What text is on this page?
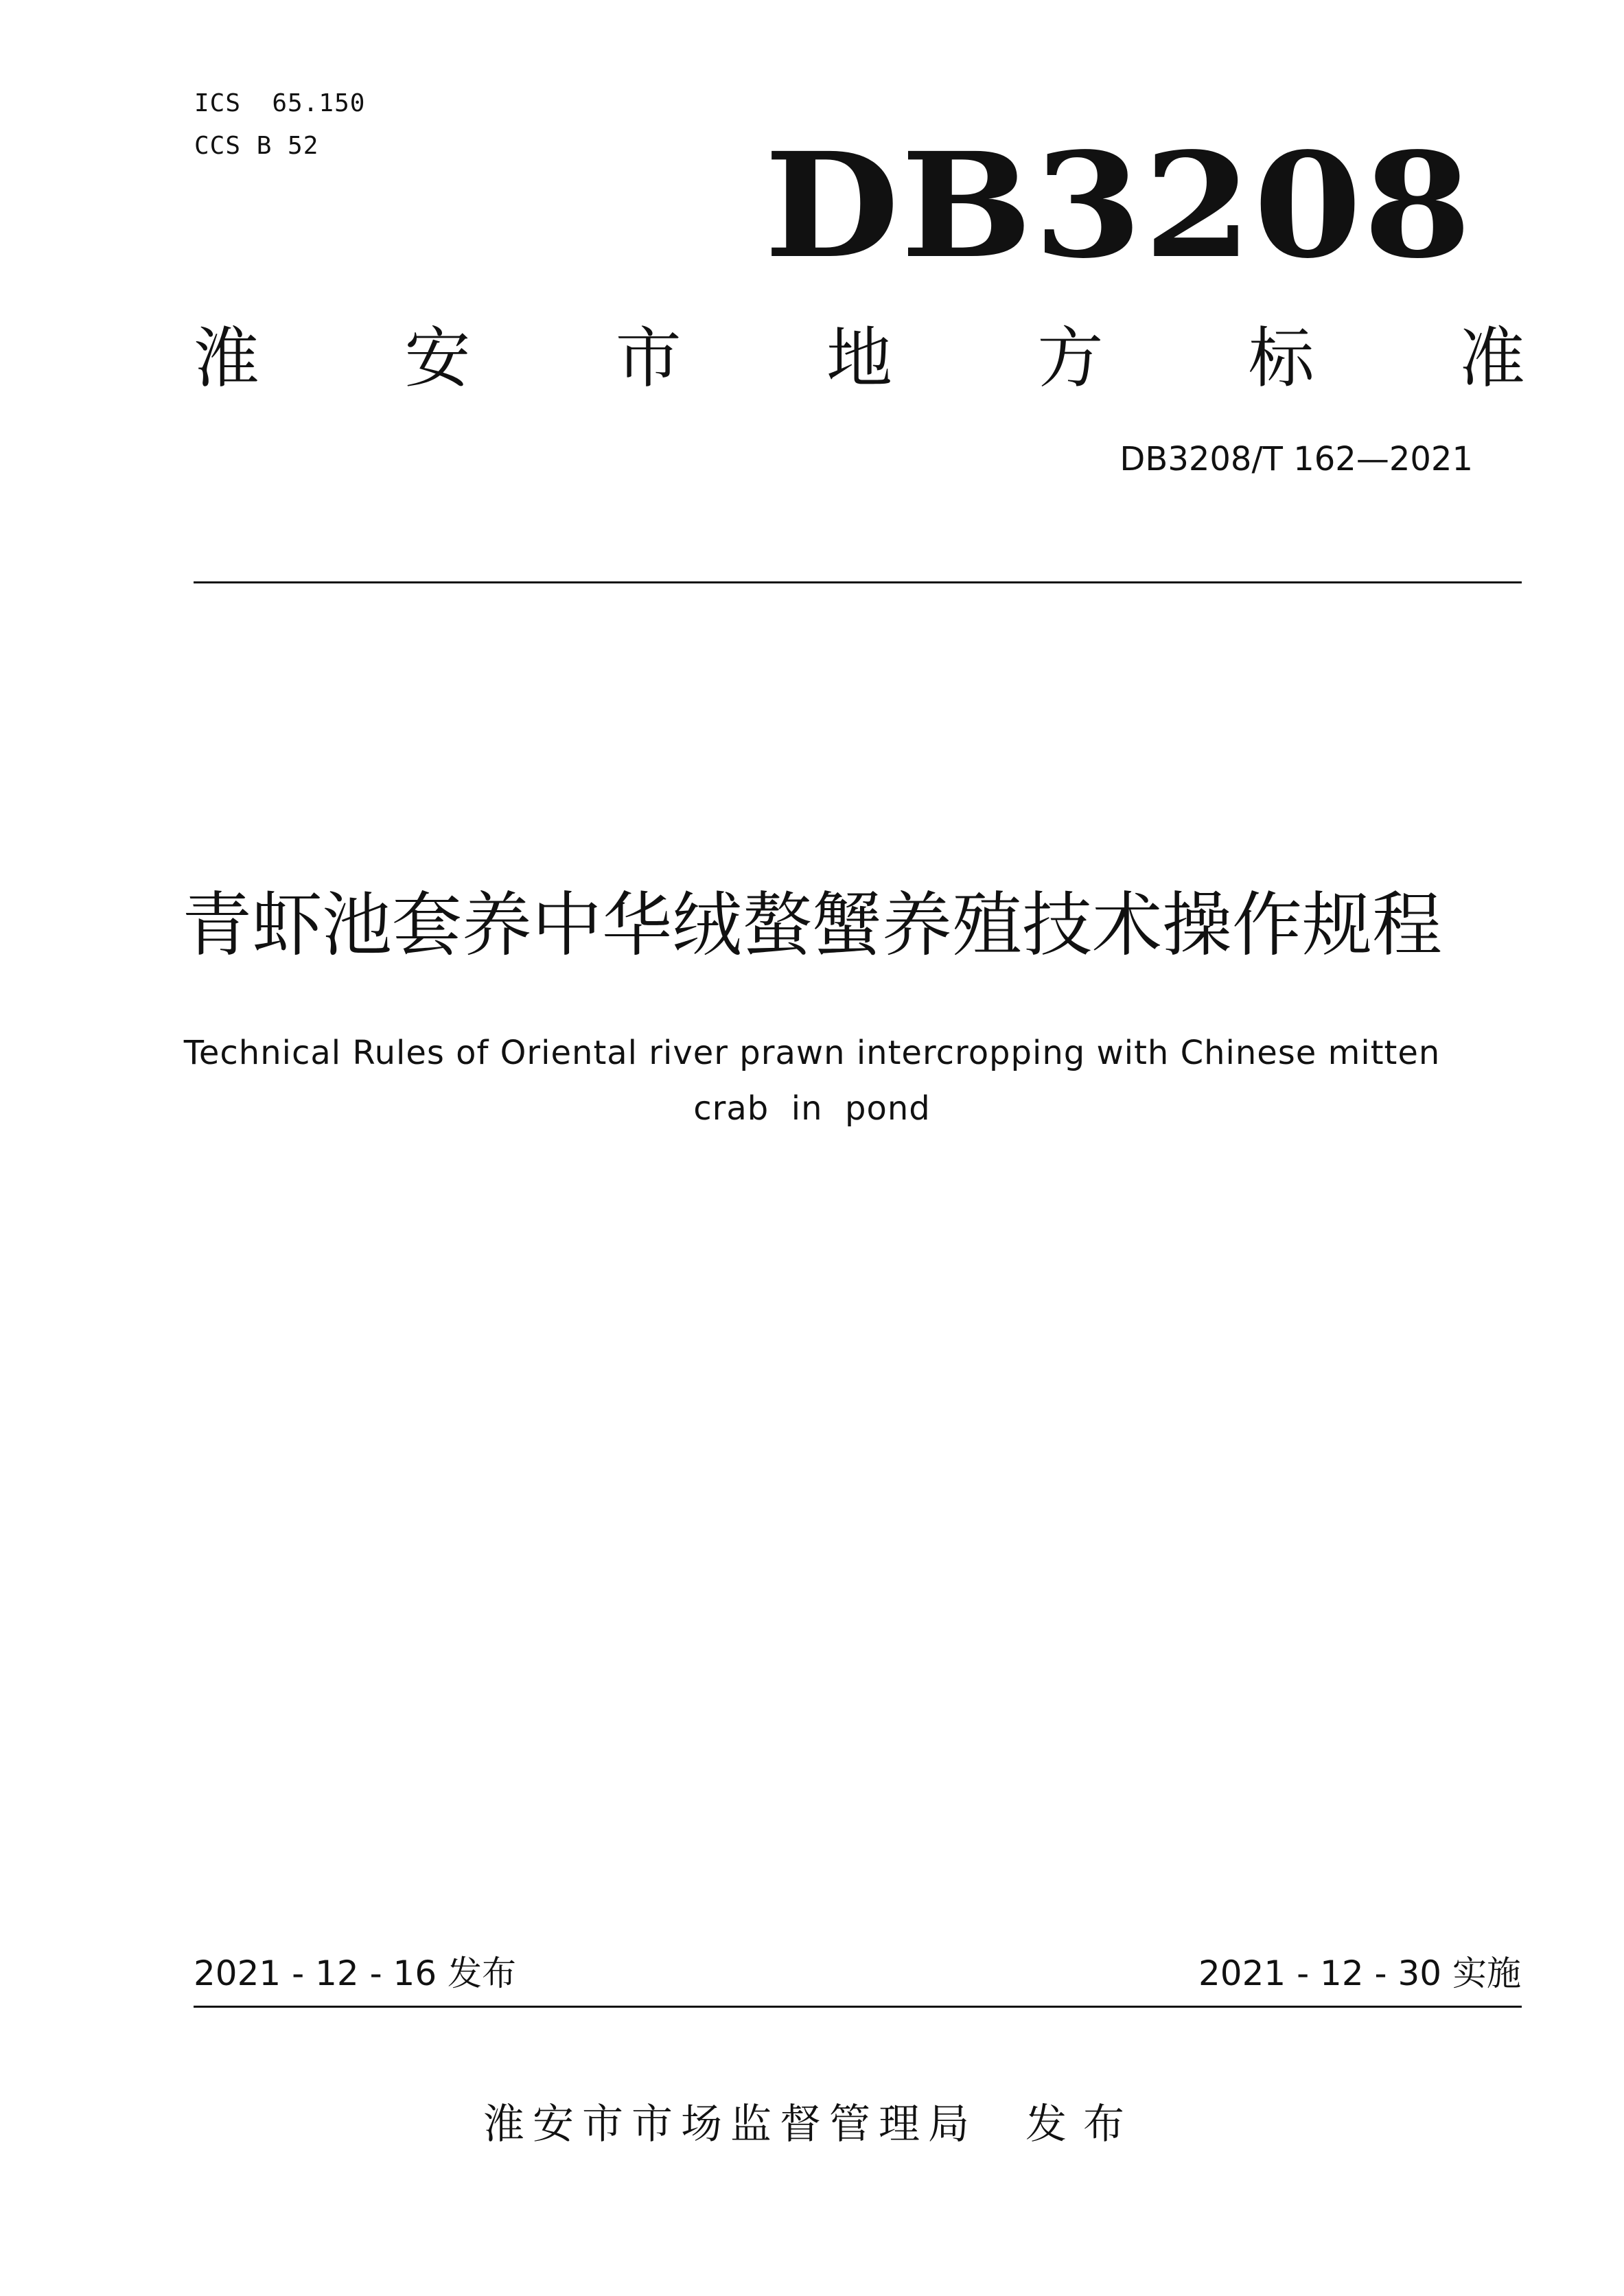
ICS  65.150
CCS B 52	DB3208
淮 安 市 地 方 标 准
DB3208/T 162—2021
青虾池套养中华绒螯蟹养殖技术操作规程
Technical Rules of Oriental river prawn intercropping with Chinese mitten
crab  in  pond
2021 - 12 - 16 发布	2021 - 12 - 30 实施
淮安市市场监督管理局 发布
